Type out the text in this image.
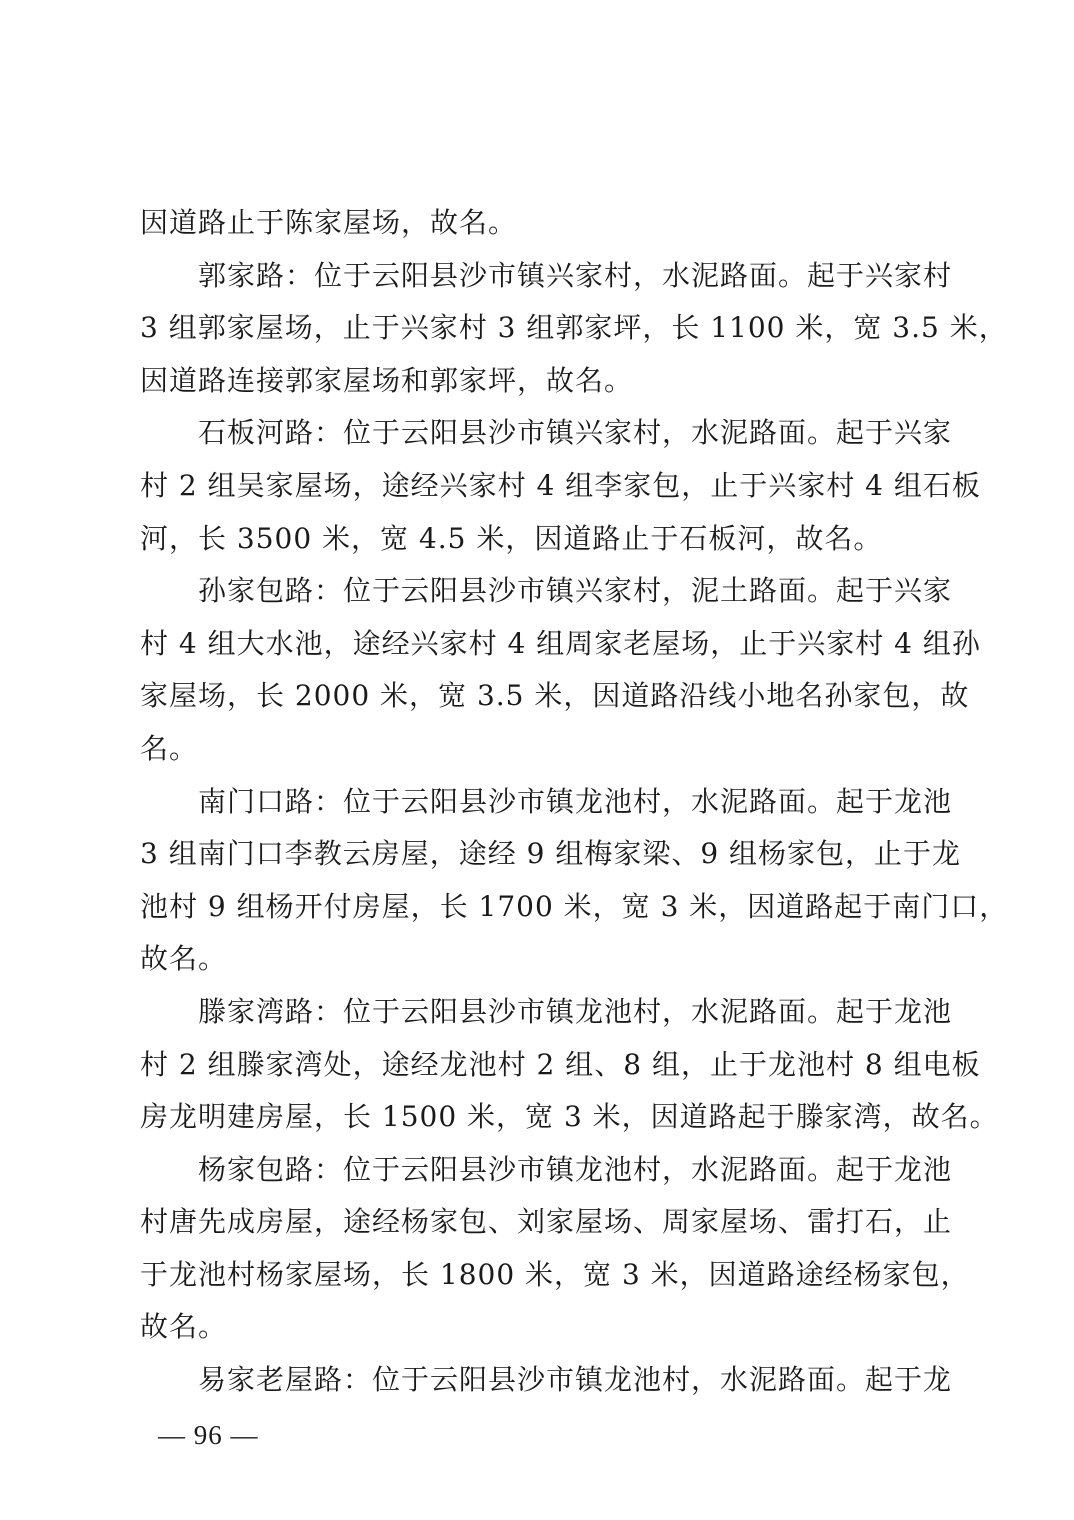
因道路止于陈家屋场，故名。
郭家路：位于云阳县沙市镇兴家村，水泥路面。起于兴家村
3 组郭家屋场，止于兴家村 3 组郭家坪，长 1100 米，宽 3.5 米，
因道路连接郭家屋场和郭家坪，故名。
石板河路：位于云阳县沙市镇兴家村，水泥路面。起于兴家
村 2 组吴家屋场，途经兴家村 4 组李家包，止于兴家村 4 组石板
河，长 3500 米，宽 4.5 米，因道路止于石板河，故名。
孙家包路：位于云阳县沙市镇兴家村，泥土路面。起于兴家
村 4 组大水池，途经兴家村 4 组周家老屋场，止于兴家村 4 组孙
家屋场，长 2000 米，宽 3.5 米，因道路沿线小地名孙家包，故
名。
南门口路：位于云阳县沙市镇龙池村，水泥路面。起于龙池
3 组南门口李教云房屋，途经 9 组梅家梁、9 组杨家包，止于龙
池村 9 组杨开付房屋，长 1700 米，宽 3 米，因道路起于南门口，
故名。
滕家湾路：位于云阳县沙市镇龙池村，水泥路面。起于龙池
村 2 组滕家湾处，途经龙池村 2 组、8 组，止于龙池村 8 组电板
房龙明建房屋，长 1500 米，宽 3 米，因道路起于滕家湾，故名。
杨家包路：位于云阳县沙市镇龙池村，水泥路面。起于龙池
村唐先成房屋，途经杨家包、刘家屋场、周家屋场、雷打石，止
于龙池村杨家屋场，长 1800 米，宽 3 米，因道路途经杨家包，
故名。
易家老屋路：位于云阳县沙市镇龙池村，水泥路面。起于龙
— 96 —
